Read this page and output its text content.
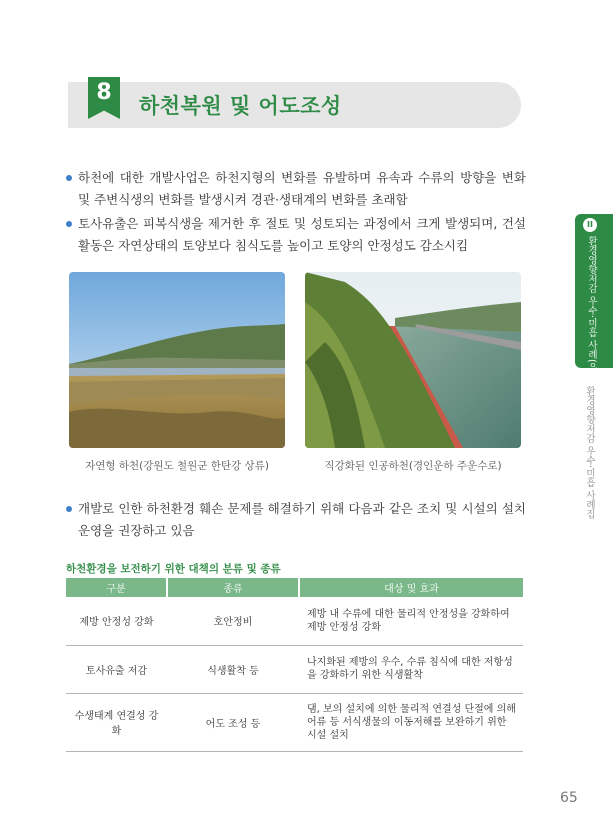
8
하천복원 및 어도조성
하천에 대한 개발사업은 하천지형의 변화를 유발하며 유속과 수류의 방향을 변화 및 주변식생의 변화를 발생시켜 경관·생태계의 변화를 초래함
토사유출은 피복식생을 제거한 후 절토 및 성토되는 과정에서 크게 발생되며, 건설활동은 자연상태의 토양보다 침식도를 높이고 토양의 안정성도 감소시킴
자연형 하천(강원도 철원군 한탄강 상류)	직강화된 인공하천(경인운하 주운수로)
개발로 인한 하천환경 훼손 문제를 해결하기 위해 다음과 같은 조치 및 시설의 설치 운영을 권장하고 있음
하천환경을 보전하기 위한 대책의 분류 및 종류
구분	종류	대상 및 효과
제방 안정성 강화	호안정비	제방 내 수류에 대한 물리적 안정성을 강화하여 제방 안정성 강화
토사유출 저감	식생활착 등	나지화된 제방의 우수, 수류 침식에 대한 저항성을 강화하기 위한 식생활착
수생태계 연결성 강화	어도 조성 등	댐, 보의 설치에 의한 물리적 연결성 단절에 의해 어류 등 서식생물의 이동저해를 보완하기 위한 시설 설치
II
환경영향저감 우수·미흡 사례(유형사례)
환경영향저감 우수·미흡 사례집
65
